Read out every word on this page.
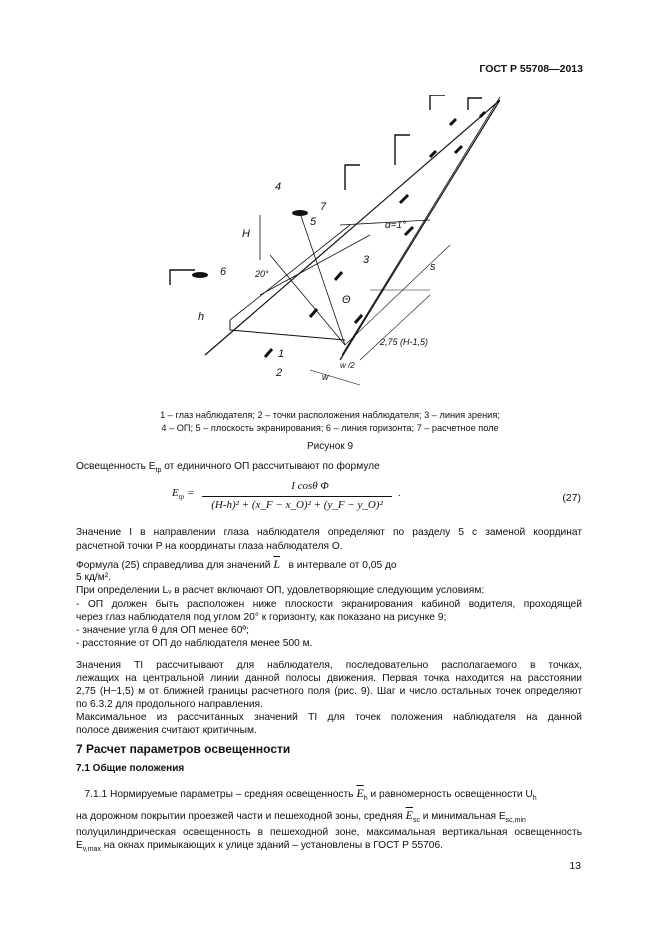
ГОСТ Р 55708—2013
4
7
5
H
6	20°
h
α=1°
3
Θ
s
2,75 (H-1,5)
1
2
w /2
w
1 – глаз наблюдателя; 2 – точки расположения наблюдателя; 3 – линия зрения;
4 – ОП; 5 – плоскость экранирования; 6 – линия горизонта; 7 – расчетное поле
Рисунок 9
Освещенность $E_{tp}$ от единичного ОП рассчитывают по формуле
$E_{tp}$ =
I cosθ Φ
(H-h)² + (x_F − x_O)² + (y_F − y_O)²
.	(27)
Значение I в направлении глаза наблюдателя определяют по разделу 5 с заменой координат
расчетной точки P на координаты глаза наблюдателя O.
Формула (25) справедлива для значений $\overline{L}$ в интервале от 0,05 до
5 кд/м².
При определении Lᵥ в расчет включают ОП, удовлетворяющие следующим условиям:
- ОП должен быть расположен ниже плоскости экранирования кабиной водителя, проходящей
через глаз наблюдателя под углом 20° к горизонту, как показано на рисунке 9;
- значение угла θ для ОП менее 60º;
- расстояние от ОП до наблюдателя менее 500 м.
Значения TI рассчитывают для наблюдателя, последовательно располагаемого в точках,
лежащих на центральной линии данной полосы движения. Первая точка находится на расстоянии
2,75 (H−1,5) м от ближней границы расчетного поля (рис. 9). Шаг и число остальных точек определяют
по 6.3.2 для продольного направления.
Максимальное из рассчитанных значений TI для точек положения наблюдателя на данной
полосе движения считают критичным.
7 Расчет параметров освещенности
7.1 Общие положения
7.1.1 Нормируемые параметры – средняя освещенность $\overline{E}_h$ и равномерность освещенности $U_h$
на дорожном покрытии проезжей части и пешеходной зоны, средняя $\overline{E}_{sc}$ и минимальная $E_{sc,min}$
полуцилиндрическая освещенность в пешеходной зоне, максимальная вертикальная освещенность
$E_{v,max}$ на окнах примыкающих к улице зданий – установлены в ГОСТ Р 55706.
13
